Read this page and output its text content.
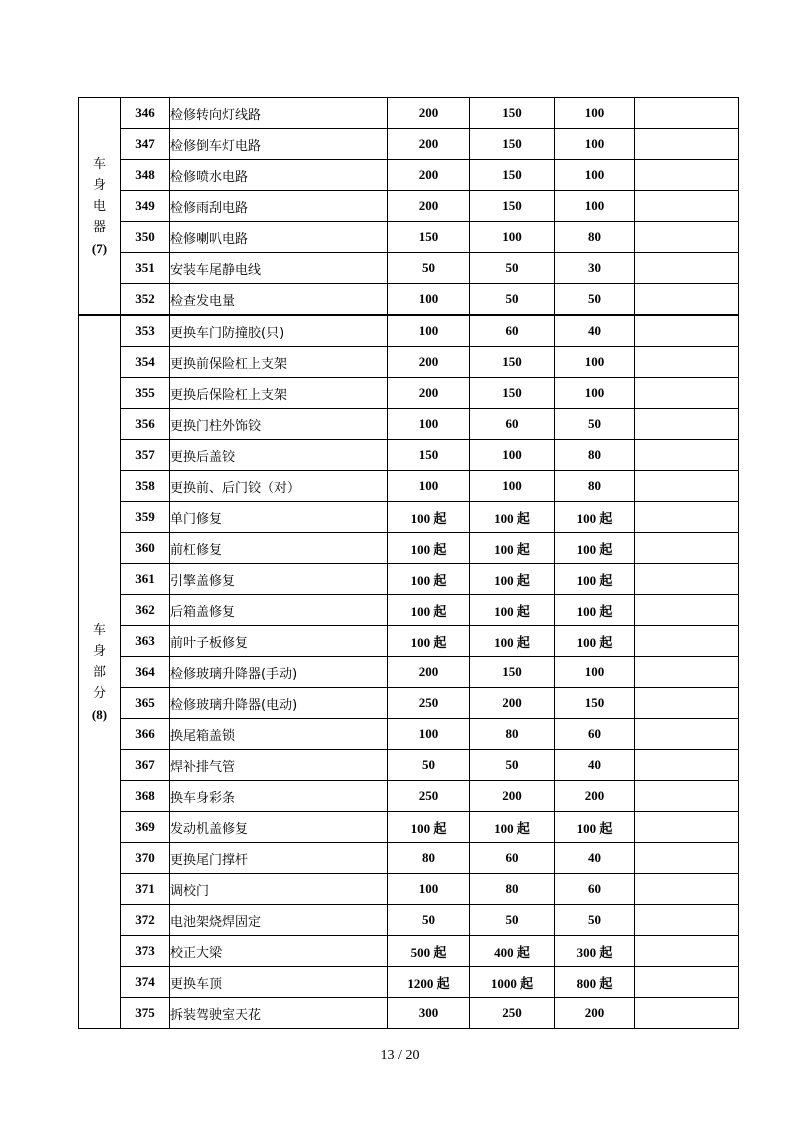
车
身
电
器
(7)	346	检修转向灯线路	200	150	100	
	347	检修倒车灯电路	200	150	100	
	348	检修喷水电路	200	150	100	
	349	检修雨刮电路	200	150	100	
	350	检修喇叭电路	150	100	80	
	351	安装车尾静电线	50	50	30	
	352	检查发电量	100	50	50	

车
身
部
分
(8)	353	更换车门防撞胶(只)	100	60	40	
	354	更换前保险杠上支架	200	150	100	
	355	更换后保险杠上支架	200	150	100	
	356	更换门柱外饰铰	100	60	50	
	357	更换后盖铰	150	100	80	
	358	更换前、后门铰（对）	100	100	80	
	359	单门修复	100 起	100 起	100 起	
	360	前杠修复	100 起	100 起	100 起	
	361	引擎盖修复	100 起	100 起	100 起	
	362	后箱盖修复	100 起	100 起	100 起	
	363	前叶子板修复	100 起	100 起	100 起	
	364	检修玻璃升降器(手动)	200	150	100	
	365	检修玻璃升降器(电动)	250	200	150	
	366	换尾箱盖锁	100	80	60	
	367	焊补排气管	50	50	40	
	368	换车身彩条	250	200	200	
	369	发动机盖修复	100 起	100 起	100 起	
	370	更换尾门撑杆	80	60	40	
	371	调校门	100	80	60	
	372	电池架烧焊固定	50	50	50	
	373	校正大梁	500 起	400 起	300 起	
	374	更换车顶	1200 起	1000 起	800 起	
	375	拆装驾驶室天花	300	250	200	
13 / 20
